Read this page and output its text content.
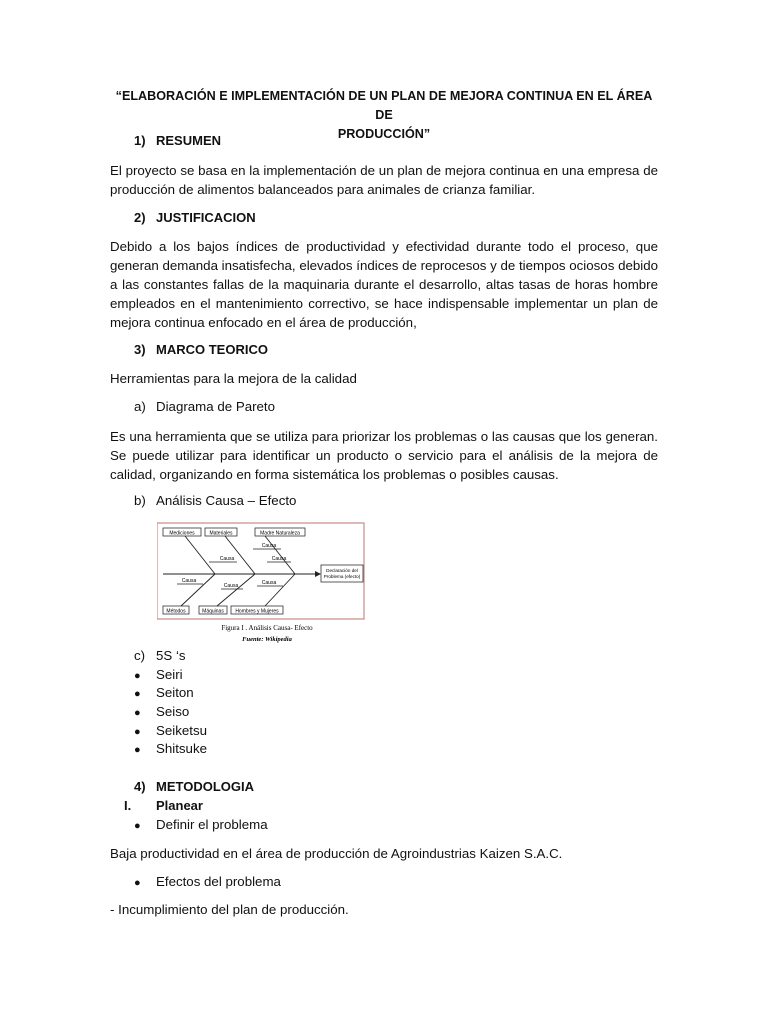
“ELABORACIÓN E IMPLEMENTACIÓN DE UN PLAN DE MEJORA CONTINUA EN EL ÁREA DE
PRODUCCIÓN”
1) RESUMEN
El proyecto se basa en la implementación de un plan de mejora continua en una empresa de producción de alimentos balanceados para animales de crianza familiar.
2) JUSTIFICACION
Debido a los bajos índices de productividad y efectividad durante todo el proceso, que generan demanda insatisfecha, elevados índices de reprocesos y de tiempos ociosos debido a las constantes fallas de la maquinaria durante el desarrollo, altas tasas de horas hombre empleados en el mantenimiento correctivo, se hace indispensable implementar un plan de mejora continua enfocado en el área de producción,
3) MARCO TEORICO
Herramientas para la mejora de la calidad
a) Diagrama de Pareto
Es una herramienta que se utiliza para priorizar los problemas o las causas que los generan. Se puede utilizar para identificar un producto o servicio para el análisis de la mejora de calidad, organizando en forma sistemática los problemas o posibles causas.
b) Análisis Causa – Efecto
Mediciones	Materiales	Madre Naturaleza
Métodos	Máquinas Hombres y Mujeres
Causa
Causa
Causa
Causa
Causa	Causa
Declaración del
Problema (efecto)
Figura I . Análisis Causa- Efecto
Fuente: Wikipedia
c) 5S ‘s
● Seiri
● Seiton
● Seiso
● Seiketsu
● Shitsuke
4) METODOLOGIA
I. Planear
● Definir el problema
Baja productividad en el área de producción de Agroindustrias Kaizen S.A.C.
● Efectos del problema
- Incumplimiento del plan de producción.
